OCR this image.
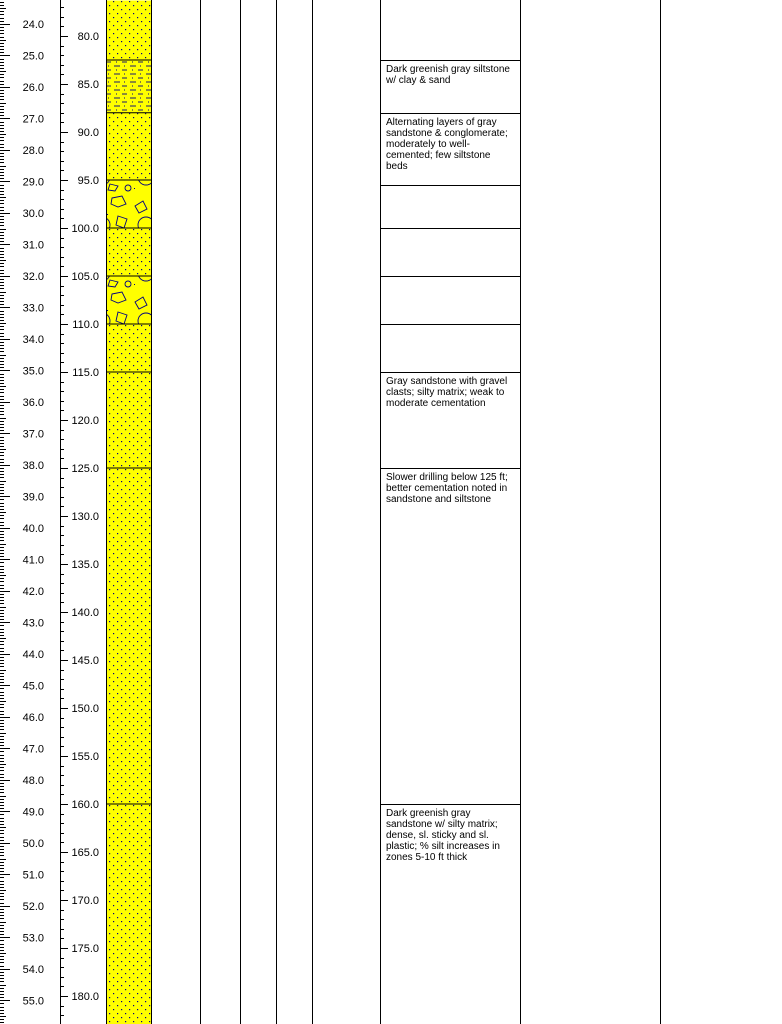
24.0
25.0
26.0
27.0
28.0
29.0
30.0
31.0
32.0
33.0
34.0
35.0
36.0
37.0
38.0
39.0
40.0
41.0
42.0
43.0
44.0
45.0
46.0
47.0
48.0
49.0
50.0
51.0
52.0
53.0
54.0
55.0
80.0
85.0
90.0
95.0
100.0
105.0
110.0
115.0
120.0
125.0
130.0
135.0
140.0
145.0
150.0
155.0
160.0
165.0
170.0
175.0
180.0
Dark greenish gray siltstone w/ clay & sand
Alternating layers of gray sandstone & conglomerate; moderately to well-cemented; few siltstone beds
Gray sandstone with gravel clasts; silty matrix; weak to moderate cementation
Slower drilling below 125 ft; better cementation noted in sandstone and siltstone
Dark greenish gray sandstone w/ silty matrix; dense, sl. sticky and sl. plastic; % silt increases in zones 5-10 ft thick
